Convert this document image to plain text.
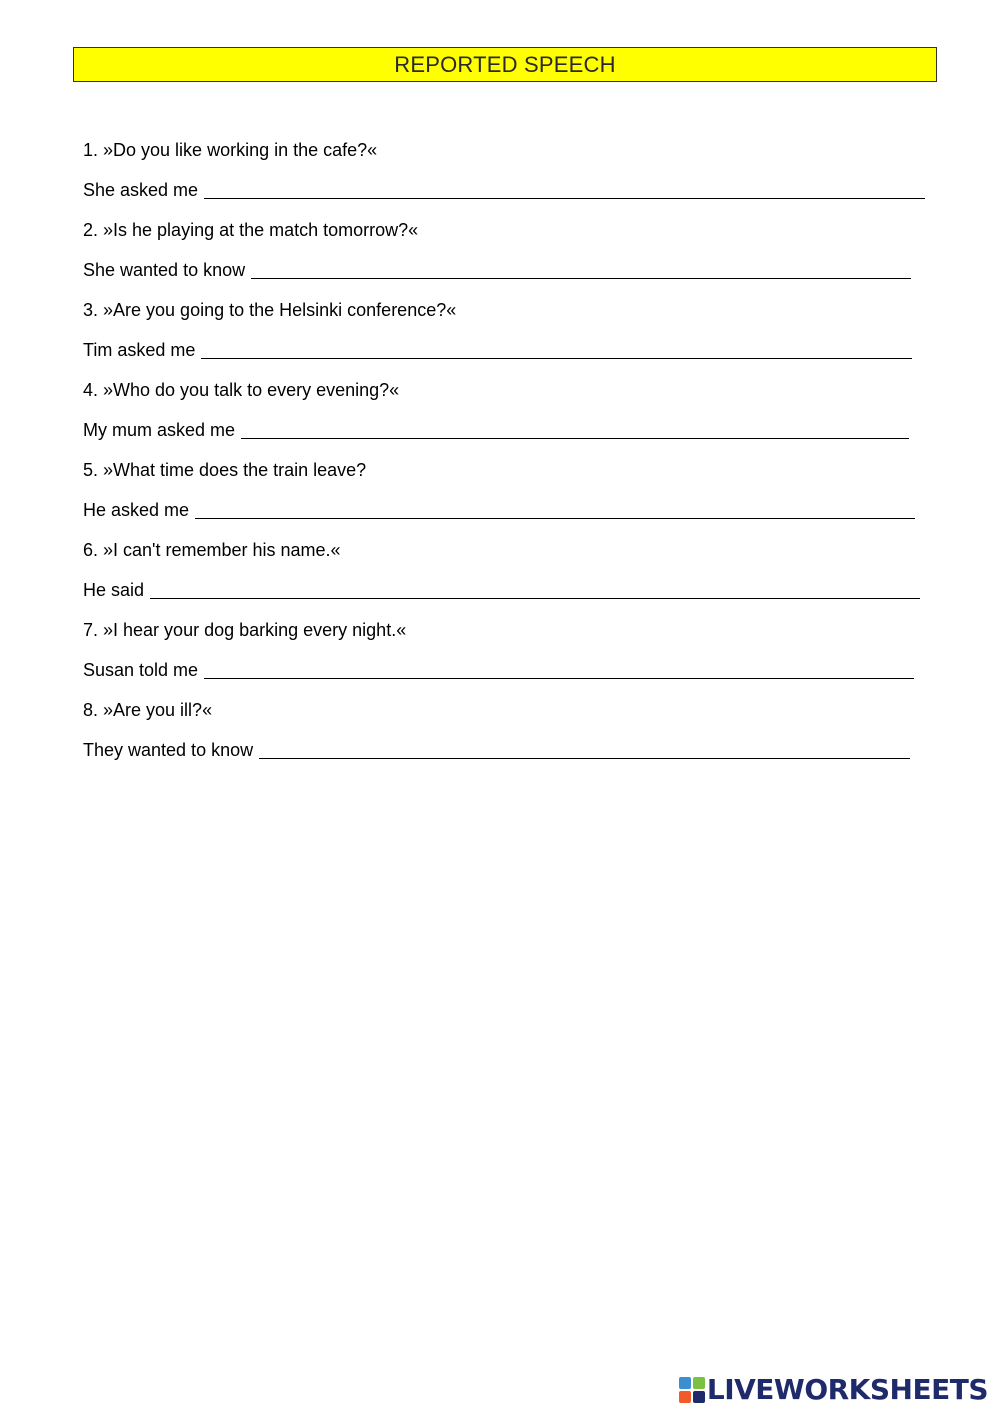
REPORTED SPEECH
1. »Do you like working in the cafe?«
She asked me
2. »Is he playing at the match tomorrow?«
She wanted to know
3. »Are you going to the Helsinki conference?«
Tim asked me
4. »Who do you talk to every evening?«
My mum asked me
5. »What time does the train leave?
He asked me
6. »I can't remember his name.«
He said
7. »I hear your dog barking every night.«
Susan told me
8. »Are you ill?«
They wanted to know
LIVEWORKSHEETS
